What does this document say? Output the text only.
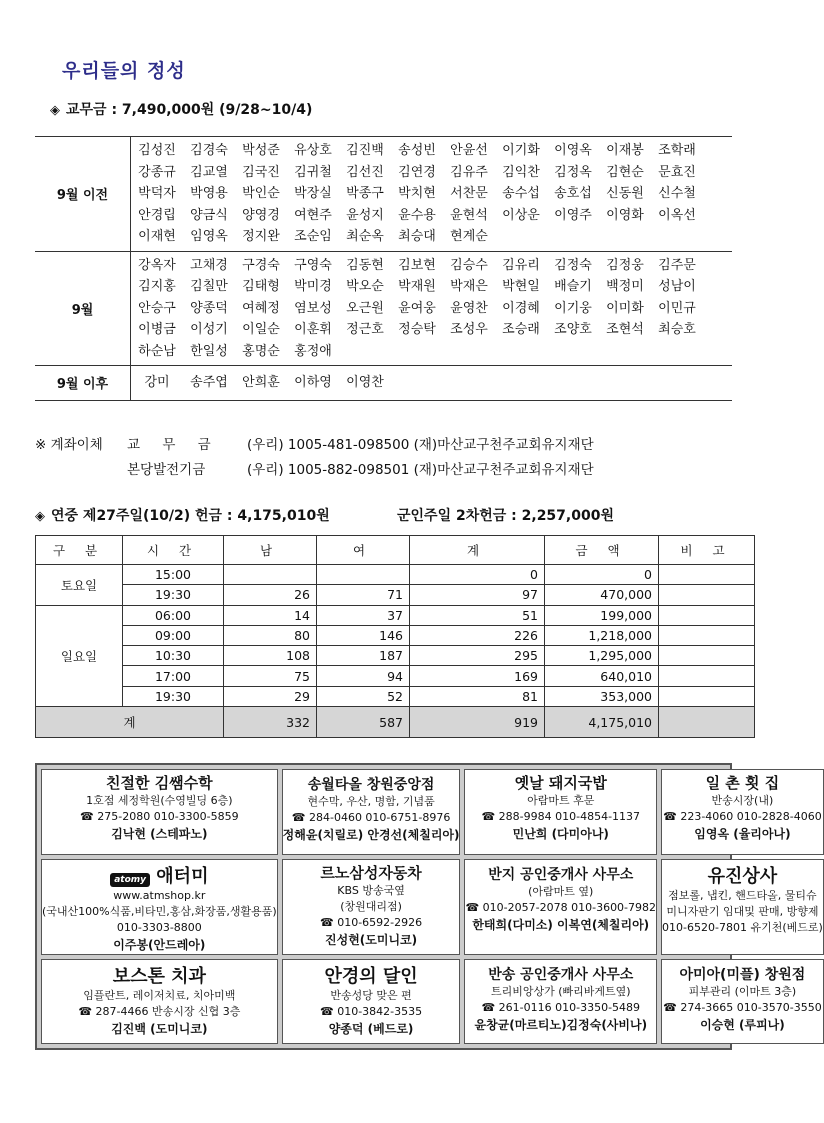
우리들의 정성
◈ 교무금 : 7,490,000원 (9/28~10/4)
9월 이전
김성진 김경숙 박성준 유상호 김진백 송성빈 안윤선 이기화 이영옥 이재봉 조학래
강종규 김교열 김국진 김귀철 김선진 김연경 김유주 김익찬 김정옥 김현순 문효진
박덕자 박영용 박인순 박장실 박종구 박치현 서찬문 송수섭 송호섭 신동원 신수철
안경립 양금식 양영경 여현주 윤성지 윤수용 윤현석 이상운 이영주 이영화 이옥선
이재현 임영옥 정지완 조순임 최순옥 최승대 현계순
9월
강옥자 고채경 구경숙 구영숙 김동현 김보현 김승수 김유리 김정숙 김정웅 김주문
김지홍 김칠만 김태형 박미경 박오순 박재원 박재은 박현일 배슬기 백정미 성남이
안승구 양종덕 여혜정 염보성 오근원 윤여웅 윤영찬 이경혜 이기웅 이미화 이민규
이병금 이성기 이일순 이훈휘 정근호 정승탁 조성우 조승래 조양호 조현석 최승호
하순남 한일성 홍명순 홍정애
9월 이후	강미 송주엽 안희훈 이하영 이영찬
※ 계좌이체 교 무 금 (우리) 1005-481-098500 (재)마산교구천주교회유지재단
본당발전기금	(우리) 1005-882-098501 (재)마산교구천주교회유지재단
◈ 연중 제27주일(10/2) 헌금 : 4,175,010원	군인주일 2차헌금 : 2,257,000원
구 분	시 간	남	여	계	금 액	비 고
토요일	15:00			0	0	
	19:30	26	71	97	470,000	
일요일	06:00	14	37	51	199,000	
	09:00	80	146	226	1,218,000	
	10:30	108	187	295	1,295,000	
	17:00	75	94	169	640,010	
	19:30	29	52	81	353,000	
계		332	587	919	4,175,010	
친절한 김쌤수학
1호점 세정학원(수영빌딩 6층)
☎ 275-2080 010-3300-5859
김낙현 (스테파노)
송월타올 창원중앙점
현수막, 우산, 명함, 기념품
☎ 284-0460 010-6751-8976
정해윤(치릴로) 안경선(체칠리아)
옛날 돼지국밥
아람마트 후문
☎ 288-9984 010-4854-1137
민난희 (다미아나)
일 촌 횟 집
반송시장(내)
☎ 223-4060 010-2828-4060
임영옥 (율리아나)
atomy 애터미
www.atmshop.kr
(국내산100%식품,비타민,홍삼,화장품,생활용품)
010-3303-8800
이주봉(안드레아)
르노삼성자동차
KBS 방송국옆
(창원대리점)
☎ 010-6592-2926
진성현(도미니코)
반지 공인중개사 사무소
(아람마트 옆)
☎ 010-2057-2078 010-3600-7982
한태희(다미소) 이복연(체칠리아)
유진상사
점보롤, 냅킨, 핸드타올, 물티슈
미니자판기 임대및 판매, 방향제
010-6520-7801 유기천(베드로)
보스톤 치과
임플란트, 레이저치료, 치아미백
☎ 287-4466 반송시장 신협 3층
김진백 (도미니코)
안경의 달인
반송성당 맞은 편
☎ 010-3842-3535
양종덕 (베드로)
반송 공인중개사 사무소
트리비앙상가 (빠리바게트옆)
☎ 261-0116 010-3350-5489
윤창균(마르티노)김정숙(사비나)
아미아(미플) 창원점
피부관리 (이마트 3층)
☎ 274-3665 010-3570-3550
이승현 (루피나)
